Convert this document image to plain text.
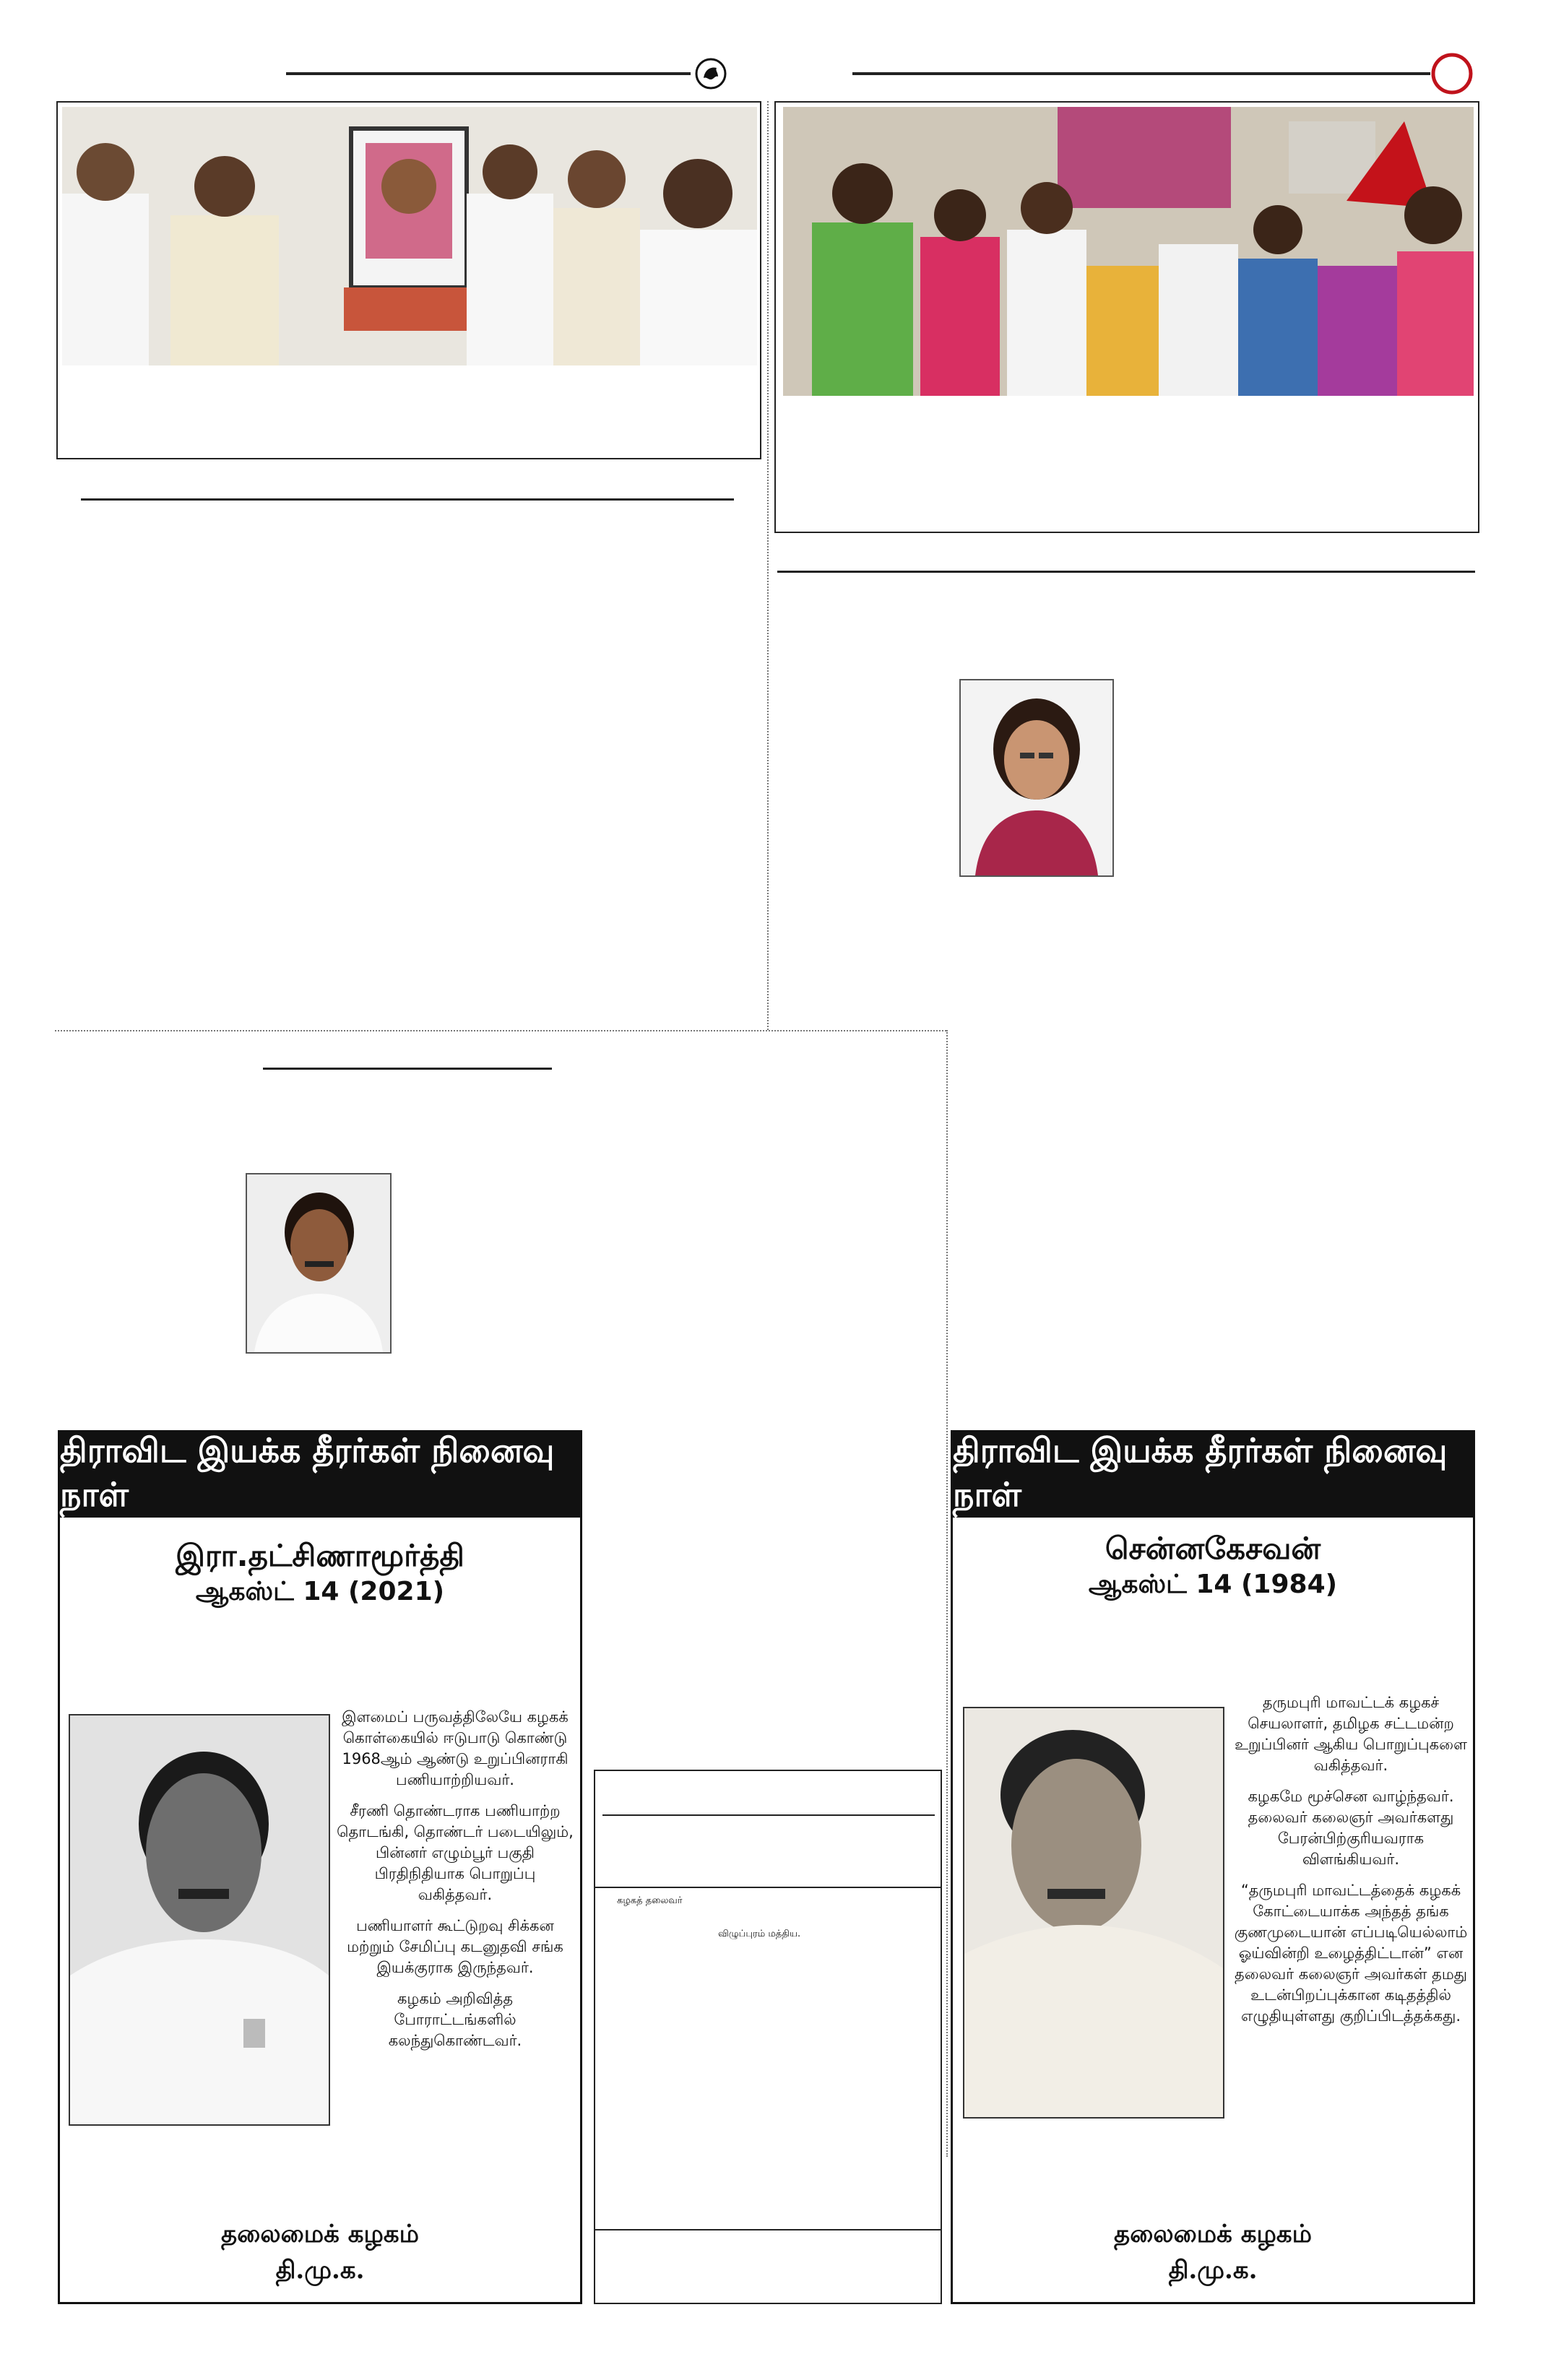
திராவிட இயக்க தீரர்கள் நினைவு நாள்
இரா.தட்சிணாமூர்த்தி
ஆகஸ்ட் 14 (2021)

இளமைப் பருவத்திலேயே கழகக் கொள்கையில் ஈடுபாடு கொண்டு 1968ஆம் ஆண்டு உறுப்பினராகி பணியாற்றியவர்.

சீரணி தொண்டராக பணியாற்ற தொடங்கி, தொண்டர் படையிலும், பின்னர் எழும்பூர் பகுதி பிரதிநிதியாக பொறுப்பு வகித்தவர்.

பணியாளர் கூட்டுறவு சிக்கன மற்றும் சேமிப்பு கடனுதவி சங்க இயக்குராக இருந்தவர்.

கழகம் அறிவித்த போராட்டங்களில் கலந்துகொண்டவர்.

தலைமைக் கழகம்
தி.மு.க.
கழகத் தலைவர்
விழுப்புரம் மத்திய.
திராவிட இயக்க தீரர்கள் நினைவு நாள்
சென்னகேசவன்
ஆகஸ்ட் 14 (1984)

தருமபுரி மாவட்டக் கழகச் செயலாளர், தமிழக சட்டமன்ற உறுப்பினர் ஆகிய பொறுப்புகளை வகித்தவர்.

கழகமே மூச்சென வாழ்ந்தவர். தலைவர் கலைஞர் அவர்களது பேரன்பிற்குரியவராக விளங்கியவர்.

“தருமபுரி மாவட்டத்தைக் கழகக் கோட்டையாக்க அந்தத் தங்க குணமுடையான் எப்படியெல்லாம் ஓய்வின்றி உழைத்திட்டான்” என தலைவர் கலைஞர் அவர்கள் தமது உடன்பிறப்புக்கான கடிதத்தில் எழுதியுள்ளது குறிப்பிடத்தக்கது.

தலைமைக் கழகம்
தி.மு.க.
